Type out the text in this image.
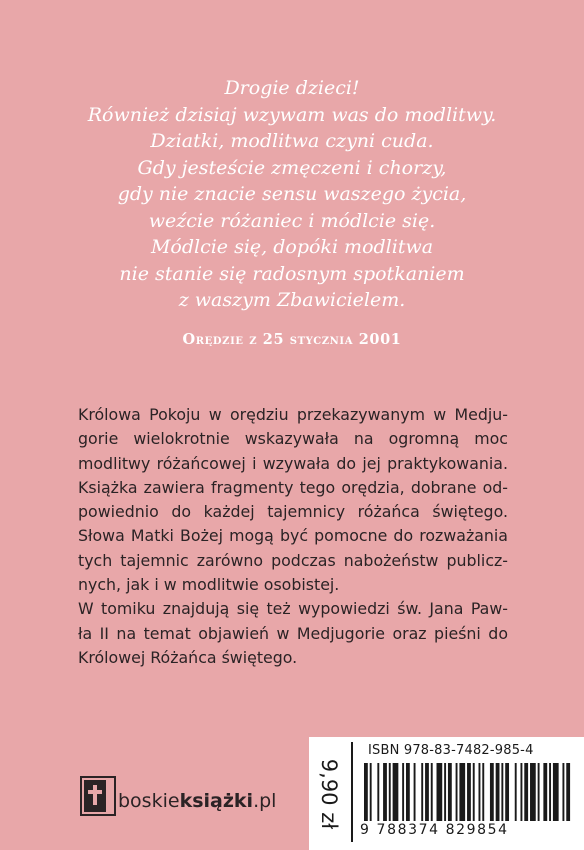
Drogie dzieci!
Również dzisiaj wzywam was do modlitwy.
Dziatki, modlitwa czyni cuda.
Gdy jesteście zmęczeni i chorzy,
gdy nie znacie sensu waszego życia,
weźcie różaniec i módlcie się.
Módlcie się, dopóki modlitwa
nie stanie się radosnym spotkaniem
z waszym Zbawicielem.
Orędzie z 25 stycznia 2001
Królowa Pokoju w orędziu przekazywanym w Medju-
gorie wielokrotnie wskazywała na ogromną moc
modlitwy różańcowej i wzywała do jej praktykowania.
Książka zawiera fragmenty tego orędzia, dobrane od-
powiednio do każdej tajemnicy różańca świętego.
Słowa Matki Bożej mogą być pomocne do rozważania
tych tajemnic zarówno podczas nabożeństw publicz-
nych, jak i w modlitwie osobistej.
W tomiku znajdują się też wypowiedzi św. Jana Paw-
ła II na temat objawień w Medjugorie oraz pieśni do
Królowej Różańca świętego.
boskieksiążki.pl 9,90 zł
ISBN 978-83-7482-985-4
9 788374 829854
